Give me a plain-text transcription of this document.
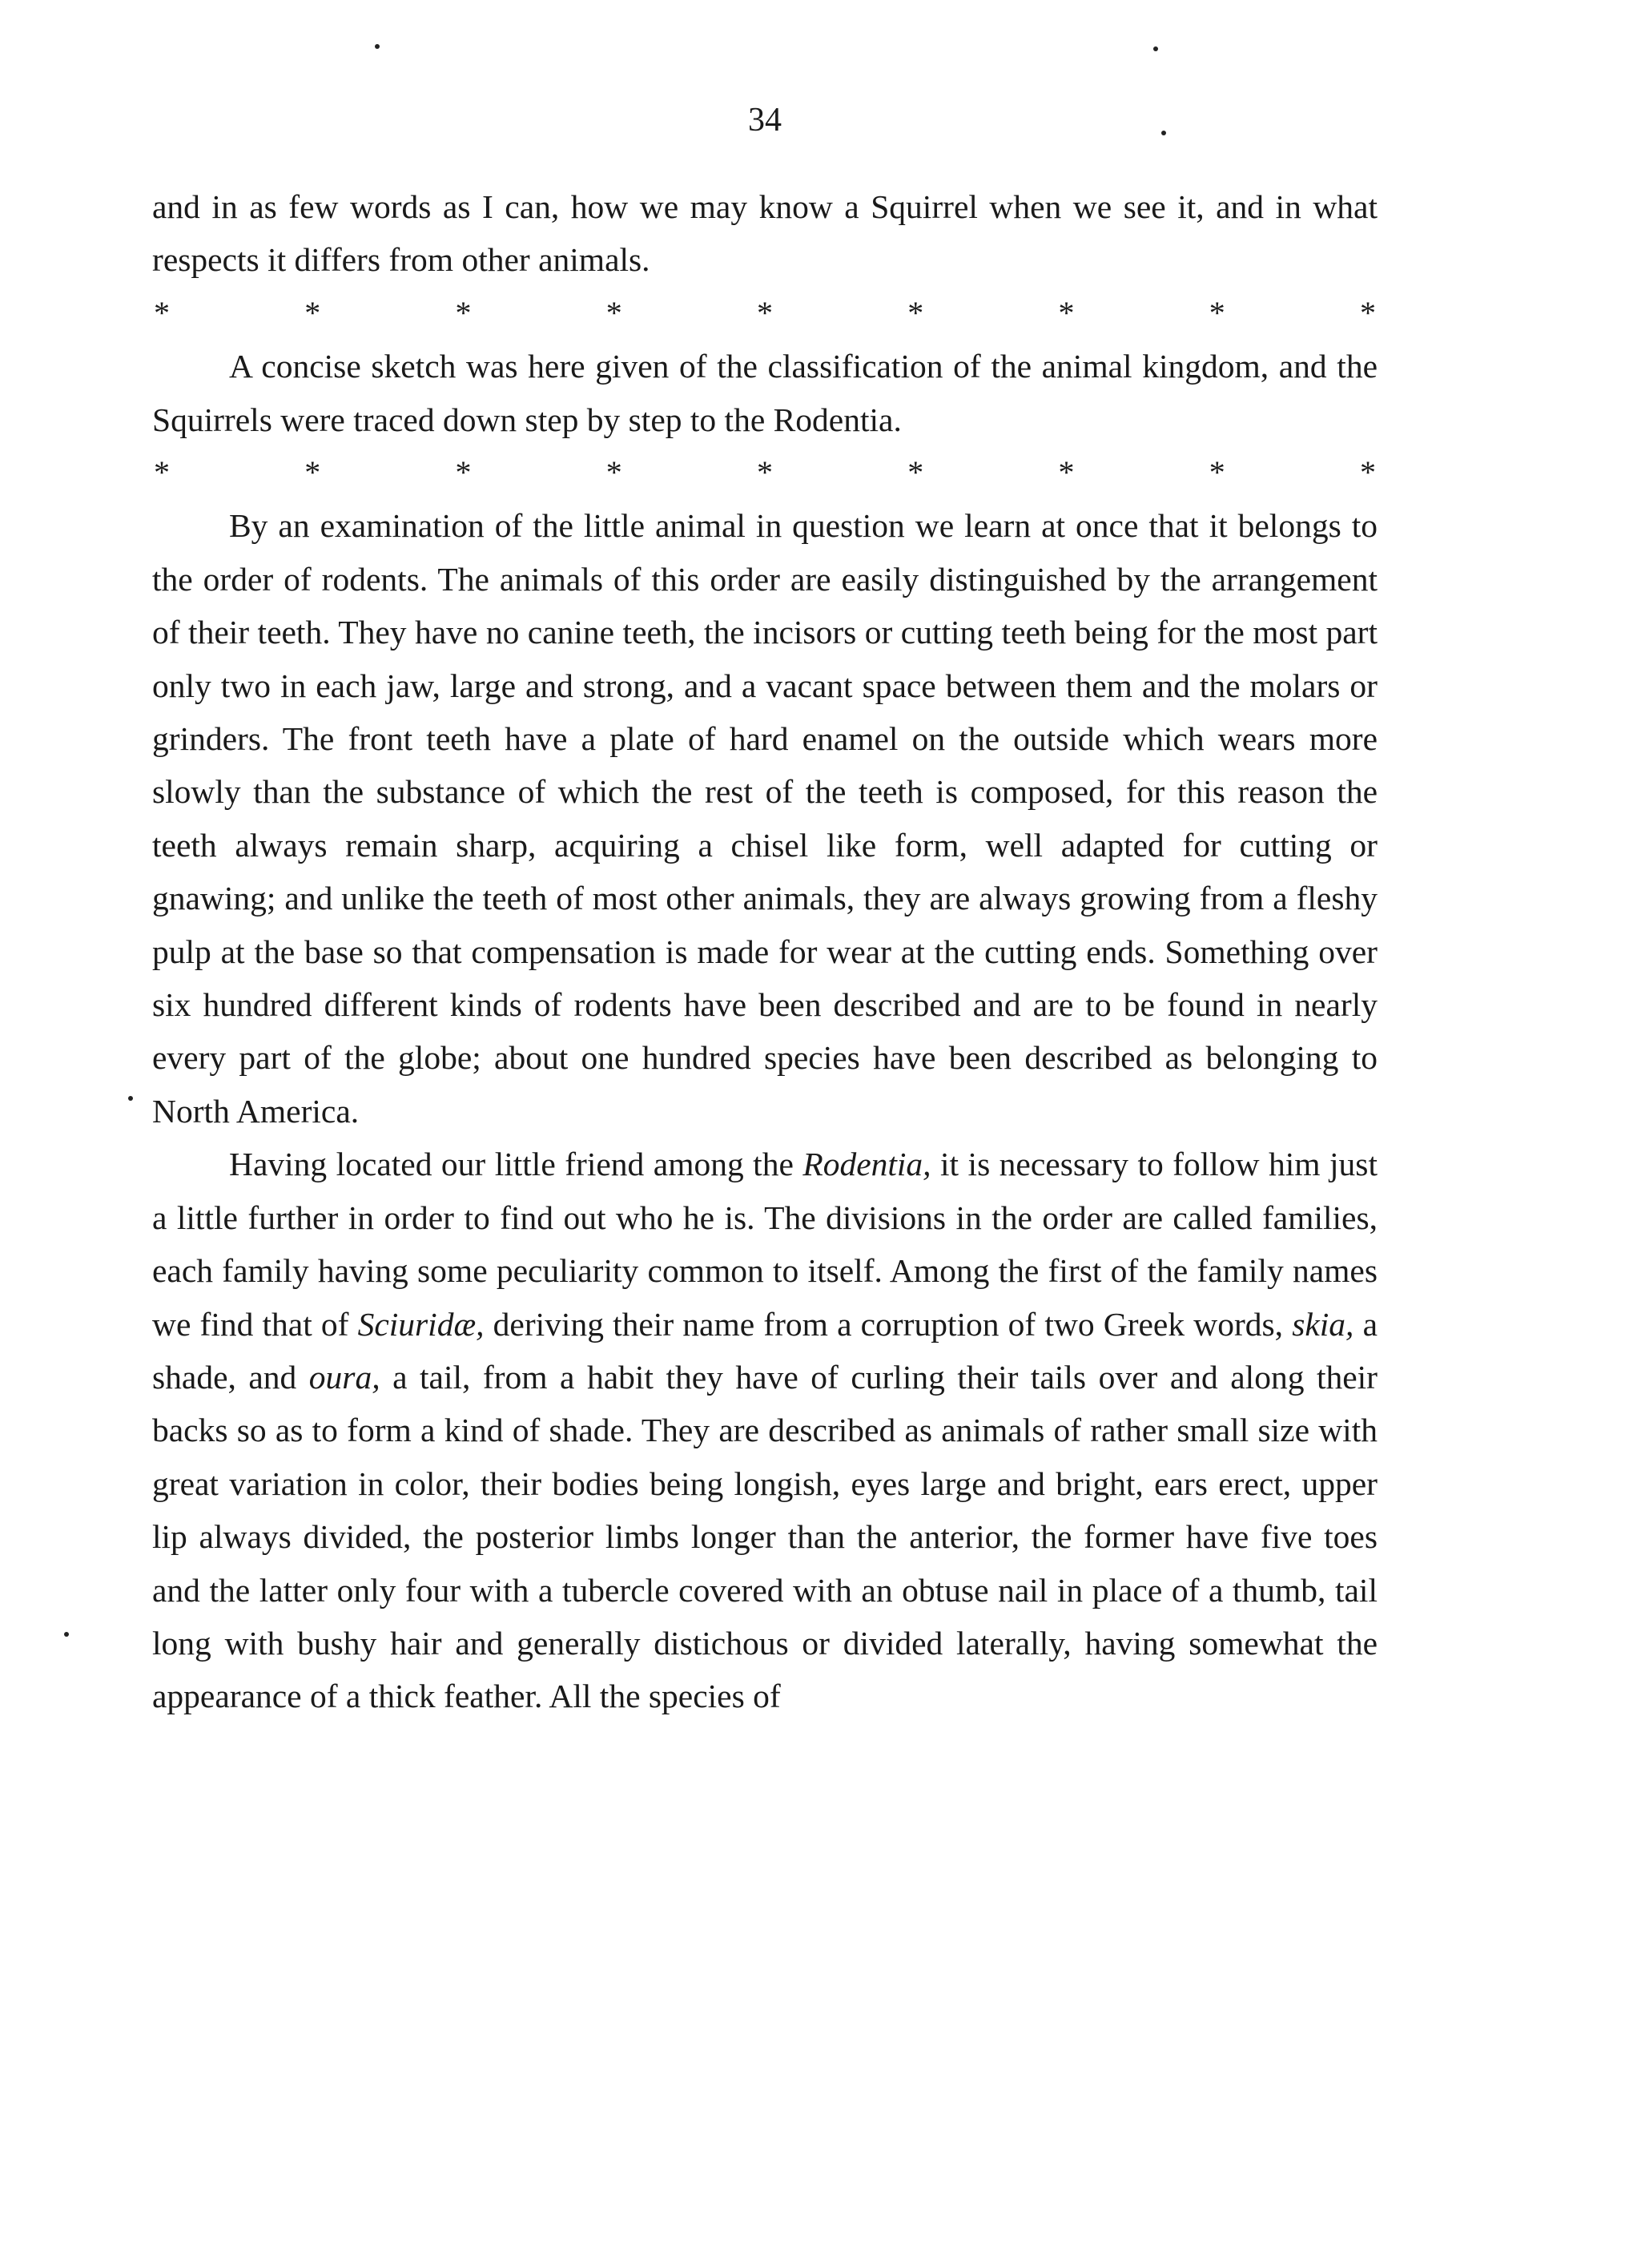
34

and in as few words as I can, how we may know a Squirrel when we see it, and in what respects it differs from other animals.

*	*	*	*	*	*	*	*	*

A concise sketch was here given of the classification of the animal kingdom, and the Squirrels were traced down step by step to the Rodentia.

*	*	*	*	*	*	*	*	*

By an examination of the little animal in question we learn at once that it belongs to the order of rodents. The animals of this order are easily distinguished by the arrangement of their teeth. They have no canine teeth, the incisors or cutting teeth being for the most part only two in each jaw, large and strong, and a vacant space between them and the molars or grinders. The front teeth have a plate of hard enamel on the outside which wears more slowly than the substance of which the rest of the teeth is composed, for this reason the teeth always remain sharp, acquiring a chisel like form, well adapted for cutting or gnawing; and unlike the teeth of most other animals, they are always growing from a fleshy pulp at the base so that compensation is made for wear at the cutting ends. Something over six hundred different kinds of rodents have been described and are to be found in nearly every part of the globe; about one hundred species have been described as belonging to North America.

Having located our little friend among the Rodentia, it is necessary to follow him just a little further in order to find out who he is. The divisions in the order are called families, each family having some peculiarity common to itself. Among the first of the family names we find that of Sciuridæ, deriving their name from a corruption of two Greek words, skia, a shade, and oura, a tail, from a habit they have of curling their tails over and along their backs so as to form a kind of shade. They are described as animals of rather small size with great variation in color, their bodies being longish, eyes large and bright, ears erect, upper lip always divided, the posterior limbs longer than the anterior, the former have five toes and the latter only four with a tubercle covered with an obtuse nail in place of a thumb, tail long with bushy hair and generally distichous or divided laterally, having somewhat the appearance of a thick feather. All the species of
